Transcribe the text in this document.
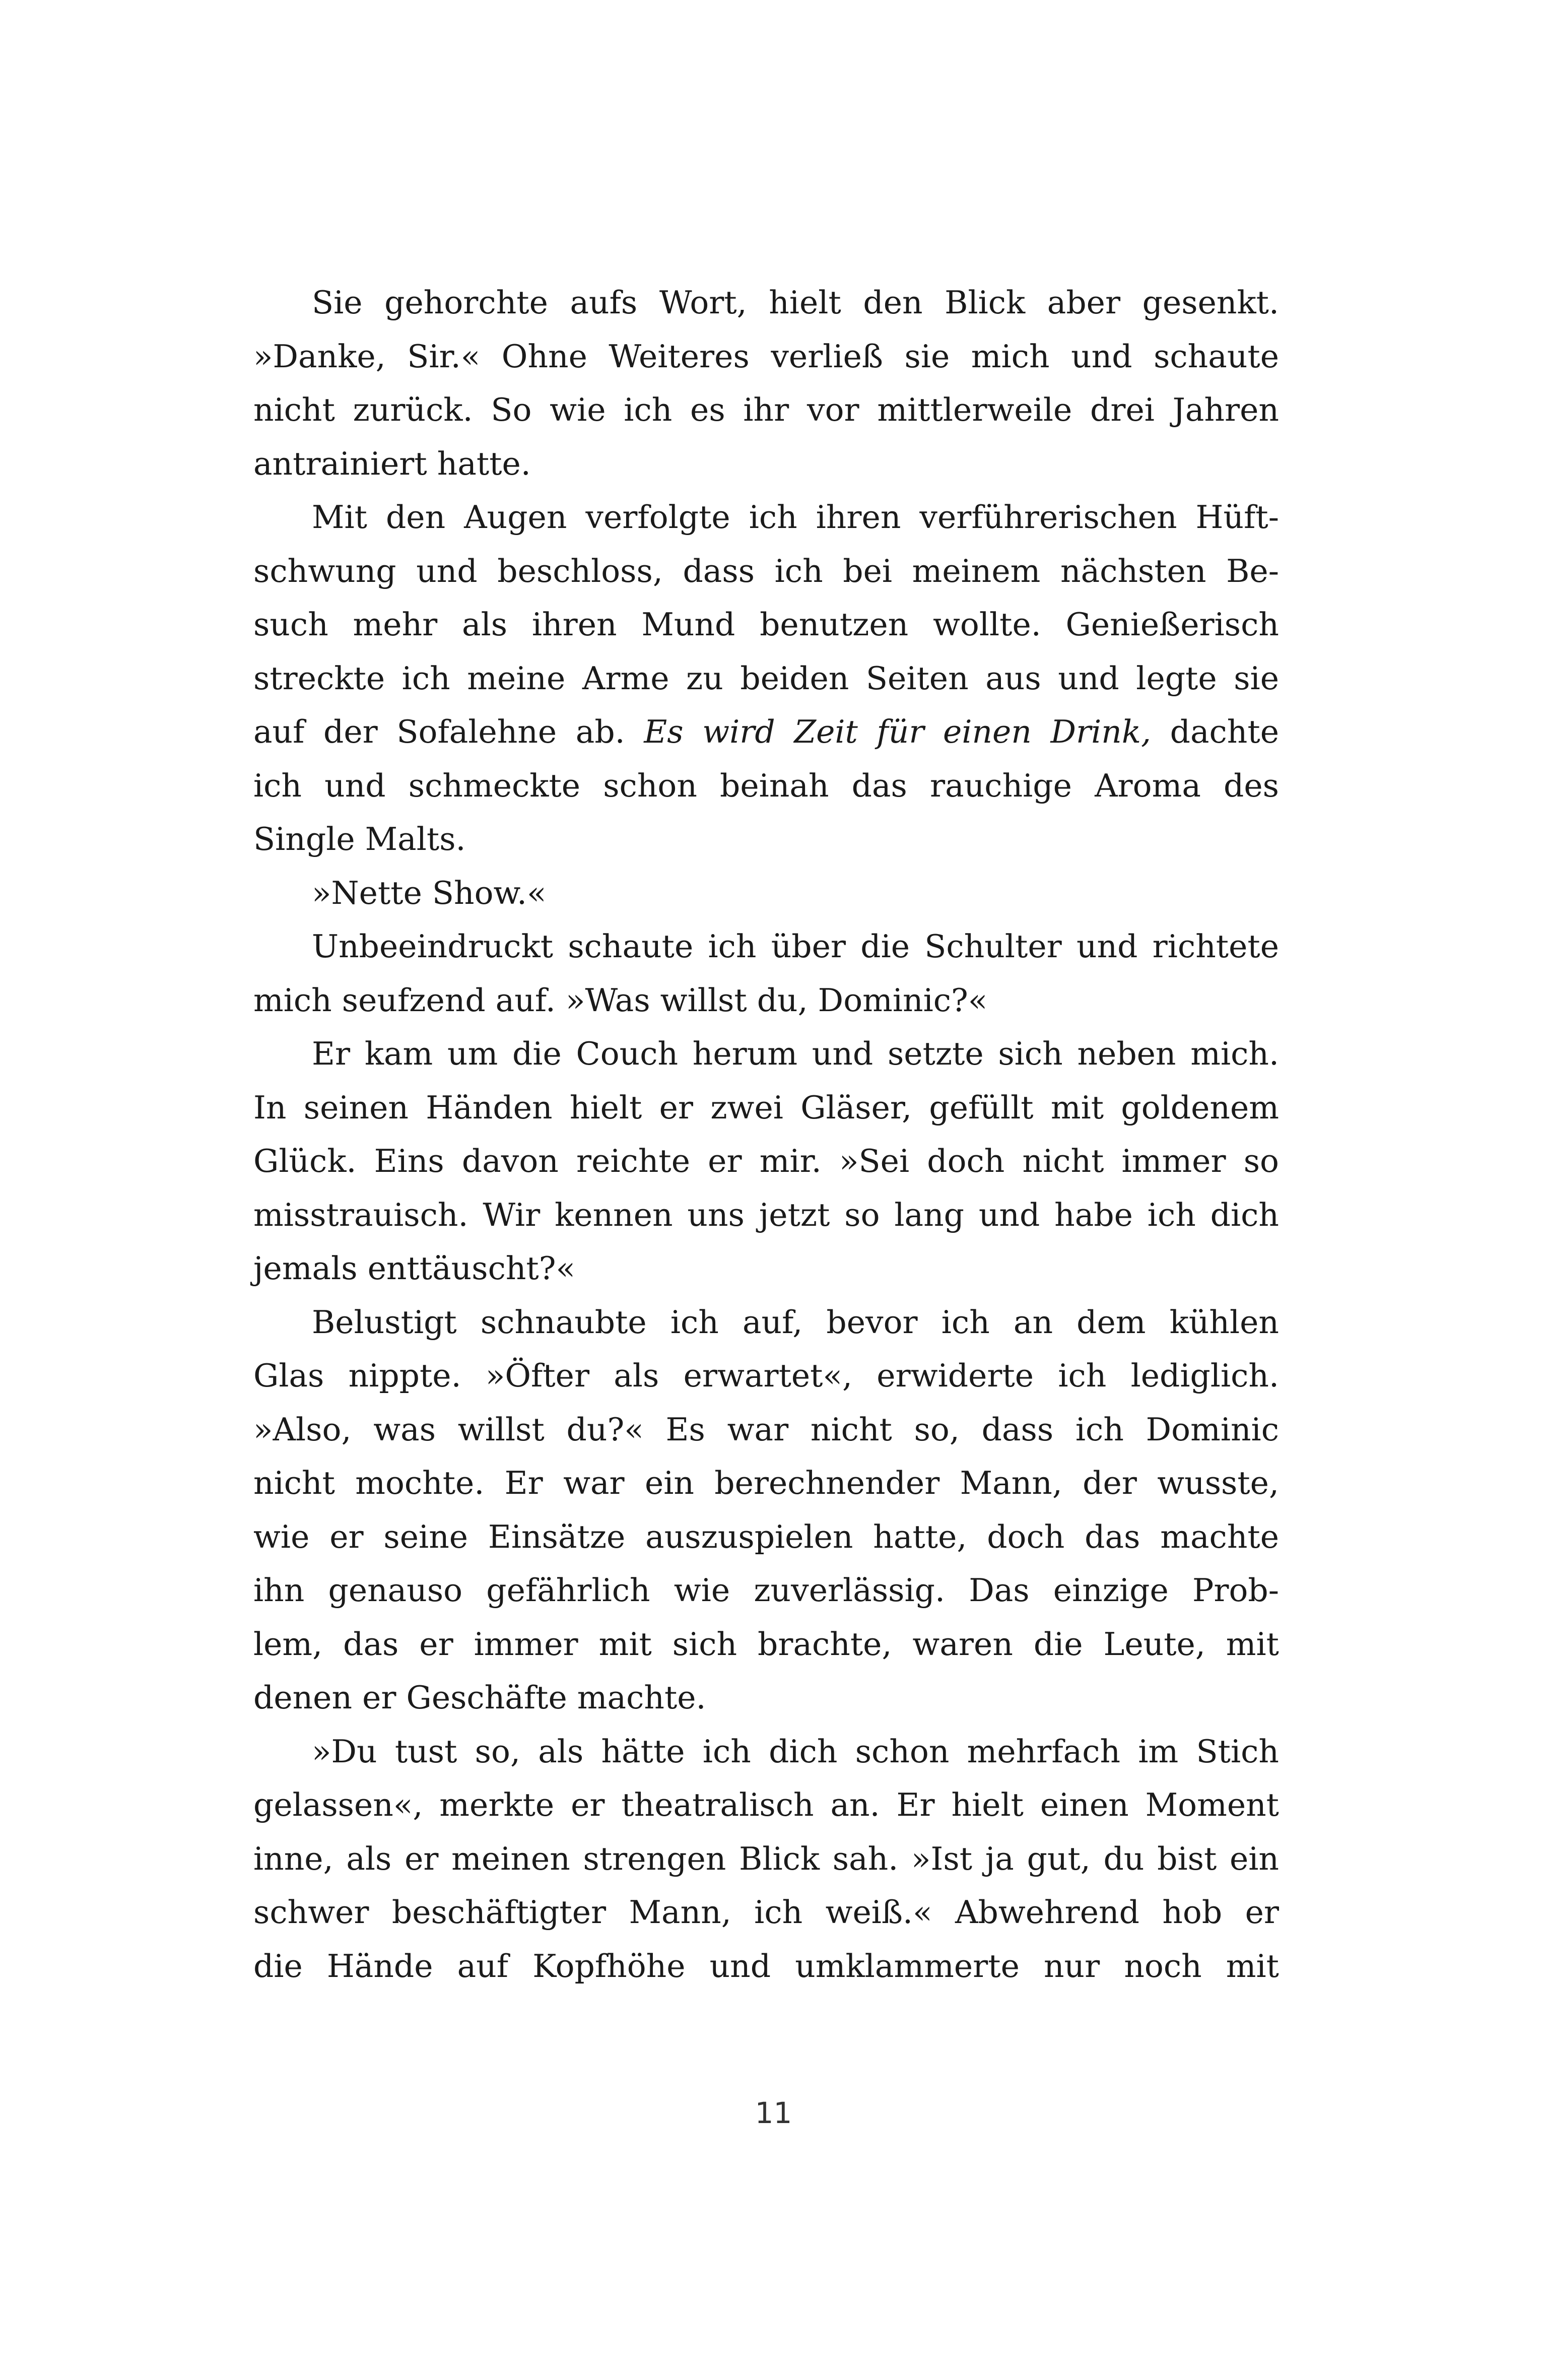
Sie gehorchte aufs Wort, hielt den Blick aber gesenkt.
»Danke, Sir.« Ohne Weiteres verließ sie mich und schaute
nicht zurück. So wie ich es ihr vor mittlerweile drei Jahren
antrainiert hatte.
Mit den Augen verfolgte ich ihren verführerischen Hüft-
schwung und beschloss, dass ich bei meinem nächsten Be-
such mehr als ihren Mund benutzen wollte. Genießerisch
streckte ich meine Arme zu beiden Seiten aus und legte sie
auf der Sofalehne ab. Es wird Zeit für einen Drink, dachte
ich und schmeckte schon beinah das rauchige Aroma des
Single Malts.
»Nette Show.«
Unbeeindruckt schaute ich über die Schulter und richtete
mich seufzend auf. »Was willst du, Dominic?«
Er kam um die Couch herum und setzte sich neben mich.
In seinen Händen hielt er zwei Gläser, gefüllt mit goldenem
Glück. Eins davon reichte er mir. »Sei doch nicht immer so
misstrauisch. Wir kennen uns jetzt so lang und habe ich dich
jemals enttäuscht?«
Belustigt schnaubte ich auf, bevor ich an dem kühlen
Glas nippte. »Öfter als erwartet«, erwiderte ich lediglich.
»Also, was willst du?« Es war nicht so, dass ich Dominic
nicht mochte. Er war ein berechnender Mann, der wusste,
wie er seine Einsätze auszuspielen hatte, doch das machte
ihn genauso gefährlich wie zuverlässig. Das einzige Prob-
lem, das er immer mit sich brachte, waren die Leute, mit
denen er Geschäfte machte.
»Du tust so, als hätte ich dich schon mehrfach im Stich
gelassen«, merkte er theatralisch an. Er hielt einen Moment
inne, als er meinen strengen Blick sah. »Ist ja gut, du bist ein
schwer beschäftigter Mann, ich weiß.« Abwehrend hob er
die Hände auf Kopfhöhe und umklammerte nur noch mit
11
